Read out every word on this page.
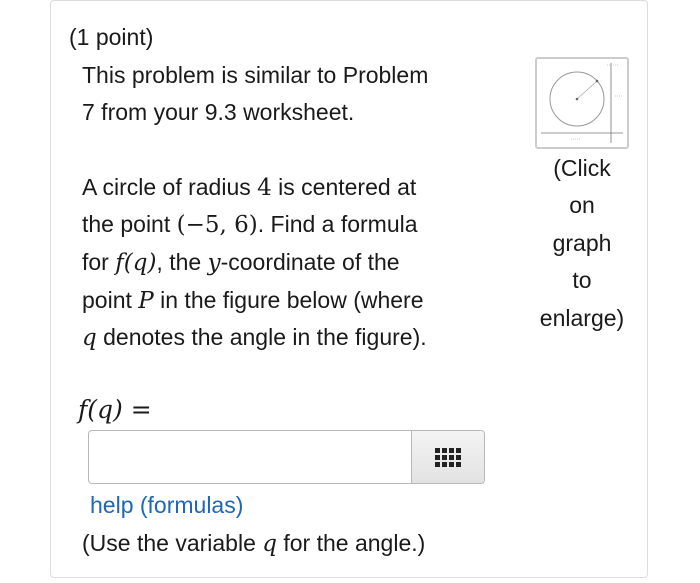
(1 point)
This problem is similar to Problem
7 from your 9.3 worksheet.
A circle of radius 4 is centered at
the point (−5, 6). Find a formula
for f(q), the y-coordinate of the
point P in the figure below (where
q denotes the angle in the figure).
(Click
on
graph
to
enlarge)
f(q) =
help (formulas)
(Use the variable q for the angle.)
